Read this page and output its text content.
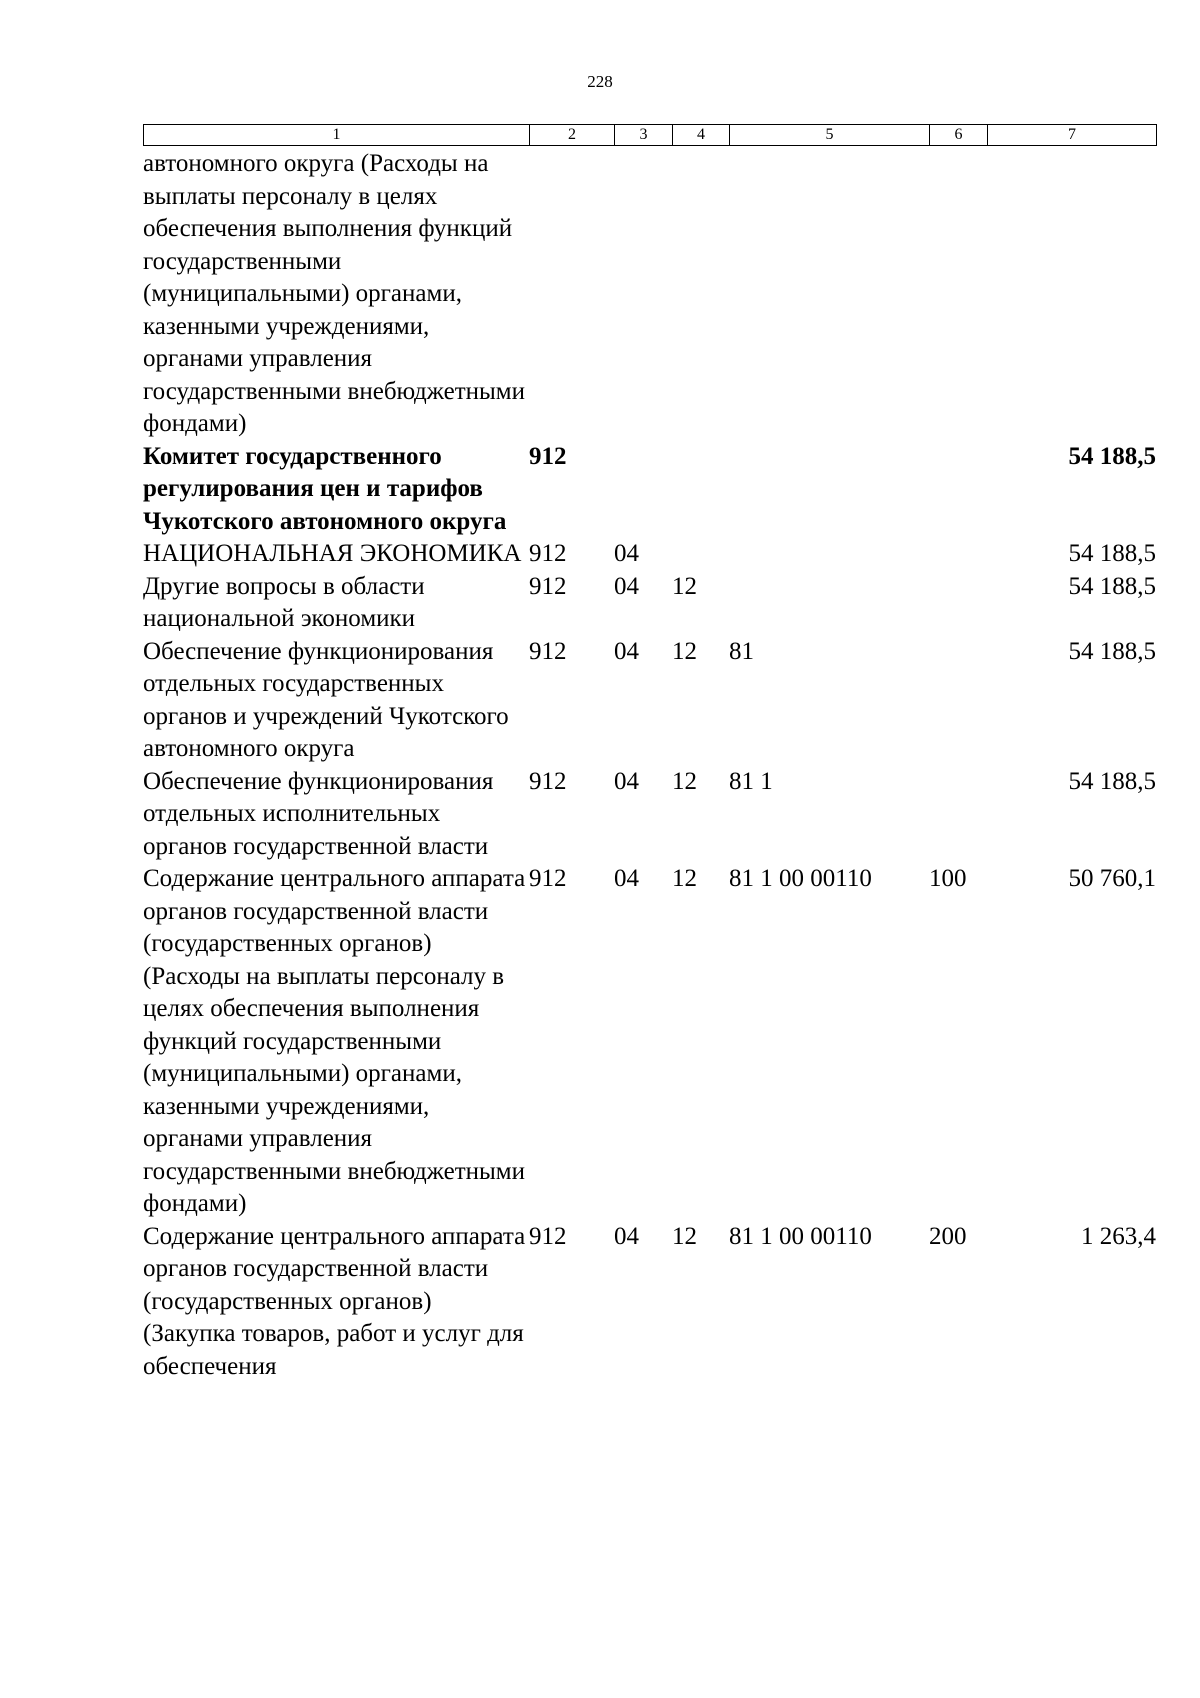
228
1	2	3	4	5	6	7
автономного округа (Расходы на выплаты персоналу в целях обеспечения выполнения функций государственными (муниципальными) органами, казенными учреждениями, органами управления государственными внебюджетными фондами)						
Комитет государственного регулирования цен и тарифов Чукотского автономного округа	912					54 188,5
НАЦИОНАЛЬНАЯ ЭКОНОМИКА	912	04				54 188,5
Другие вопросы в области национальной экономики	912	04	12			54 188,5
Обеспечение функционирования отдельных государственных органов и учреждений Чукотского автономного округа	912	04	12	81		54 188,5
Обеспечение функционирования отдельных исполнительных органов государственной власти	912	04	12	81 1		54 188,5
Содержание центрального аппарата органов государственной власти (государственных органов) (Расходы на выплаты персоналу в целях обеспечения выполнения функций государственными (муниципальными) органами, казенными учреждениями, органами управления государственными внебюджетными фондами)	912	04	12	81 1 00 00110	100	50 760,1
Содержание центрального аппарата органов государственной власти (государственных органов) (Закупка товаров, работ и услуг для обеспечения	912	04	12	81 1 00 00110	200	1 263,4
